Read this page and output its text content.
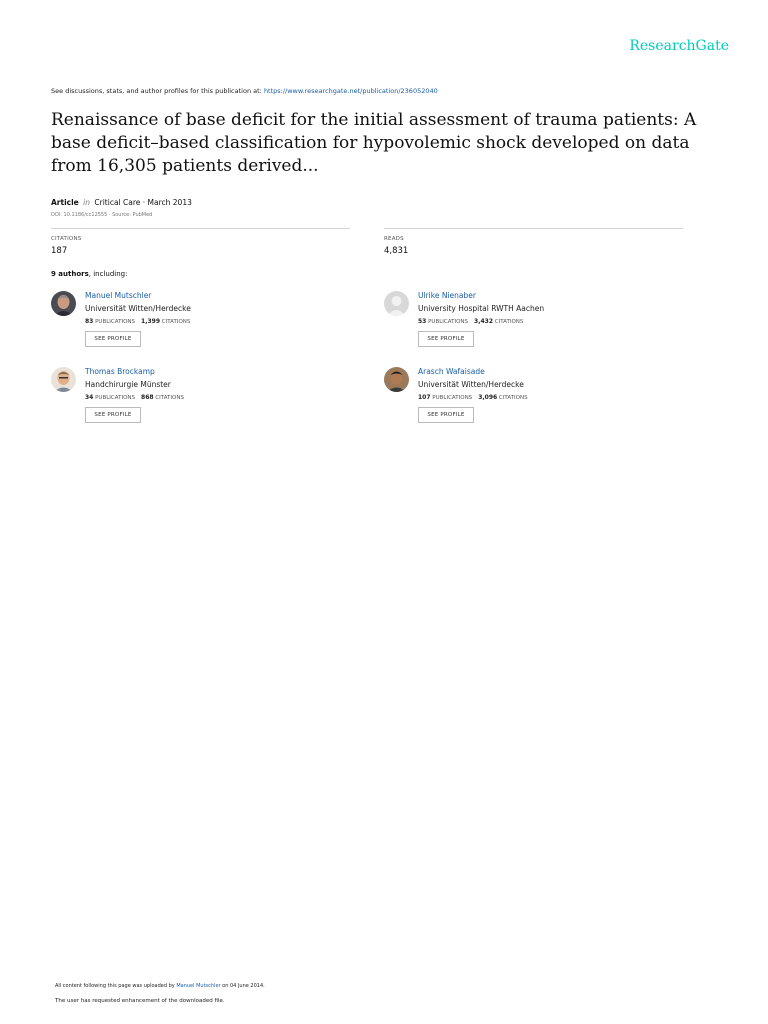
ResearchGate
See discussions, stats, and author profiles for this publication at: https://www.researchgate.net/publication/236052040
Renaissance of base deficit for the initial assessment of trauma patients: A base deficit–based classification for hypovolemic shock developed on data from 16,305 patients derived...
Article in Critical Care · March 2013
DOI: 10.1186/cc12555 · Source: PubMed
CITATIONS
187
READS
4,831
9 authors, including:
Manuel Mutschler
Universität Witten/Herdecke
83 PUBLICATIONS 1,399 CITATIONS
SEE PROFILE
Ulrike Nienaber
University Hospital RWTH Aachen
53 PUBLICATIONS 3,432 CITATIONS
SEE PROFILE
Thomas Brockamp
Handchirurgie Münster
34 PUBLICATIONS 868 CITATIONS
SEE PROFILE
Arasch Wafaisade
Universität Witten/Herdecke
107 PUBLICATIONS 3,096 CITATIONS
SEE PROFILE
All content following this page was uploaded by Manuel Mutschler on 04 June 2014.
The user has requested enhancement of the downloaded file.
